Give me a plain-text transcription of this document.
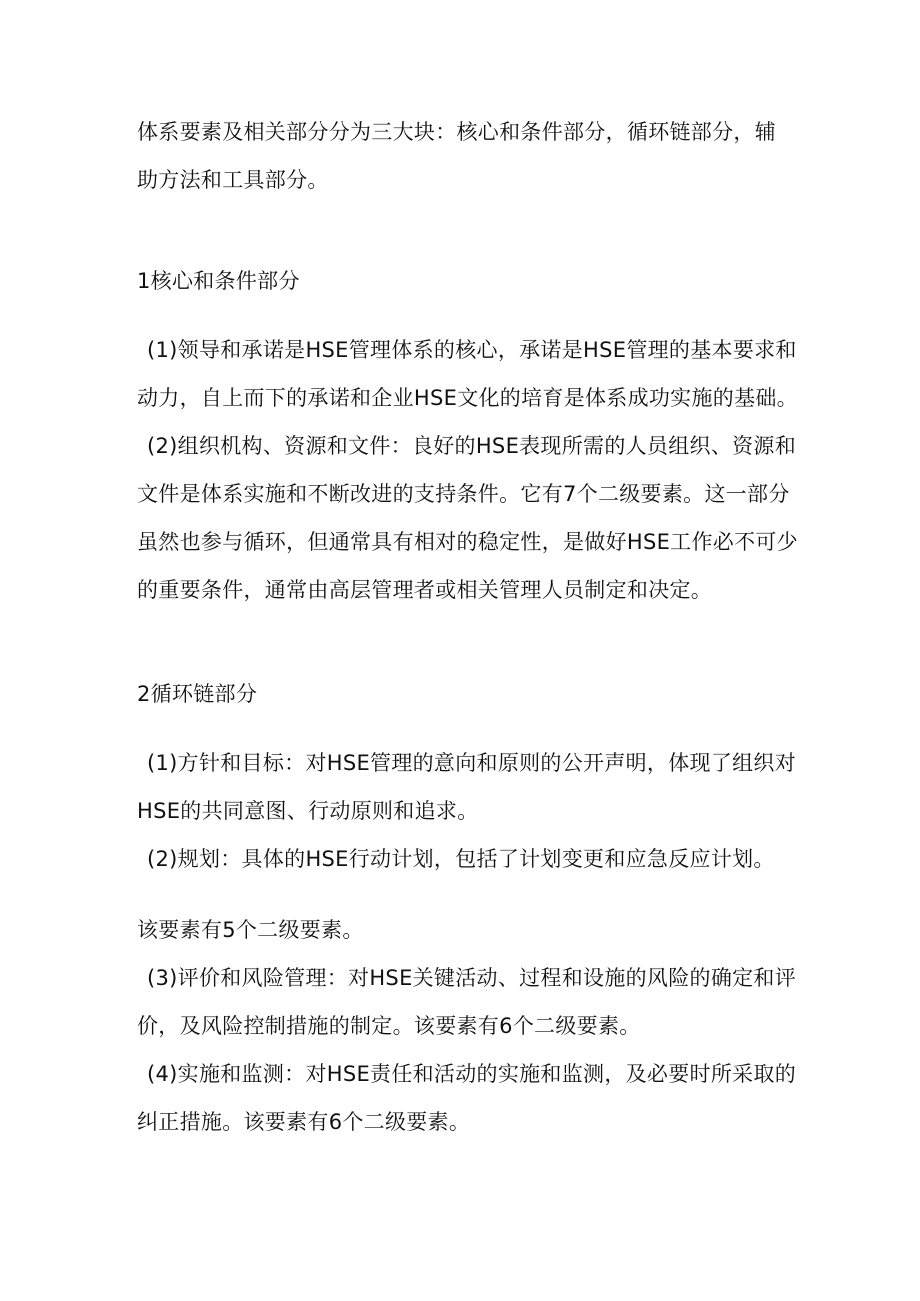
体系要素及相关部分分为三大块：核心和条件部分，循环链部分，辅
助方法和工具部分。
1核心和条件部分
(1)领导和承诺是HSE管理体系的核心，承诺是HSE管理的基本要求和
动力，自上而下的承诺和企业HSE文化的培育是体系成功实施的基础。
(2)组织机构、资源和文件：良好的HSE表现所需的人员组织、资源和
文件是体系实施和不断改进的支持条件。它有7个二级要素。这一部分
虽然也参与循环，但通常具有相对的稳定性，是做好HSE工作必不可少
的重要条件，通常由高层管理者或相关管理人员制定和决定。
2循环链部分
(1)方针和目标：对HSE管理的意向和原则的公开声明，体现了组织对
HSE的共同意图、行动原则和追求。
(2)规划：具体的HSE行动计划，包括了计划变更和应急反应计划。
该要素有5个二级要素。
(3)评价和风险管理：对HSE关键活动、过程和设施的风险的确定和评
价，及风险控制措施的制定。该要素有6个二级要素。
(4)实施和监测：对HSE责任和活动的实施和监测，及必要时所采取的
纠正措施。该要素有6个二级要素。
